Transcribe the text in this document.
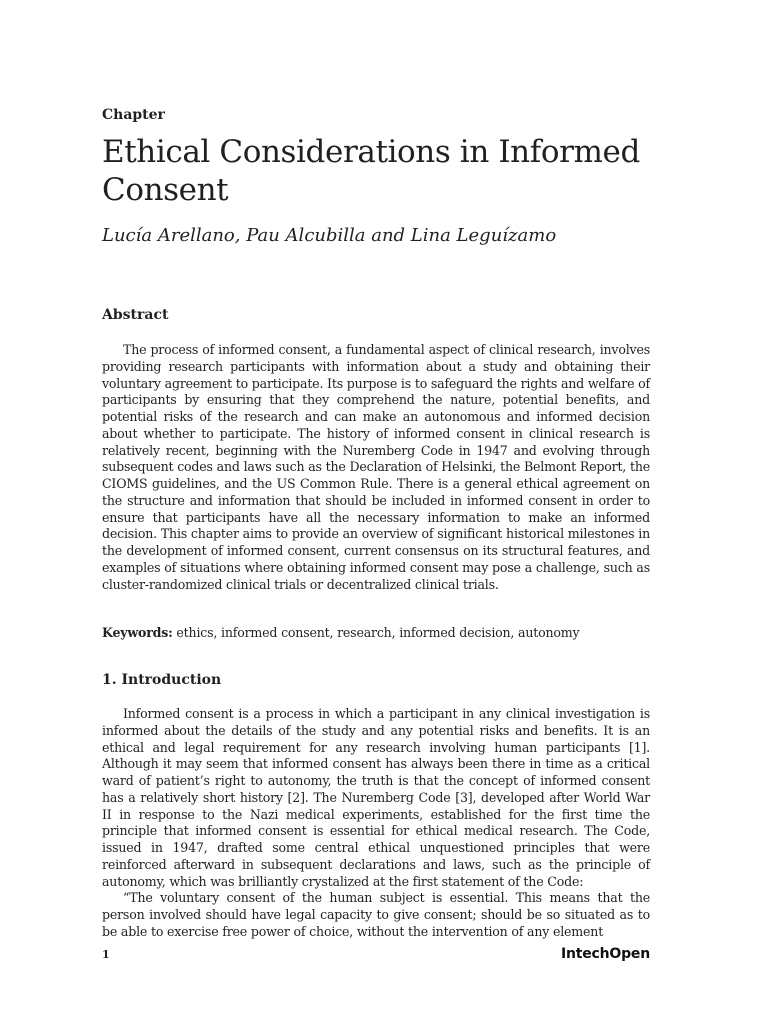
Chapter

Ethical Considerations in Informed Consent

Lucía Arellano, Pau Alcubilla and Lina Leguízamo

Abstract

The process of informed consent, a fundamental aspect of clinical research, involves providing research participants with information about a study and obtaining their voluntary agreement to participate. Its purpose is to safeguard the rights and welfare of participants by ensuring that they comprehend the nature, potential benefits, and potential risks of the research and can make an autonomous and informed decision about whether to participate. The history of informed consent in clinical research is relatively recent, beginning with the Nuremberg Code in 1947 and evolving through subsequent codes and laws such as the Declaration of Helsinki, the Belmont Report, the CIOMS guidelines, and the US Common Rule. There is a general ethical agreement on the structure and information that should be included in informed consent in order to ensure that participants have all the necessary information to make an informed decision. This chapter aims to provide an overview of significant historical milestones in the development of informed consent, current consensus on its structural features, and examples of situations where obtaining informed consent may pose a challenge, such as cluster-randomized clinical trials or decentralized clinical trials.

Keywords: ethics, informed consent, research, informed decision, autonomy

1. Introduction

Informed consent is a process in which a participant in any clinical investigation is informed about the details of the study and any potential risks and benefits. It is an ethical and legal requirement for any research involving human participants [1]. Although it may seem that informed consent has always been there in time as a critical ward of patient’s right to autonomy, the truth is that the concept of informed consent has a relatively short history [2]. The Nuremberg Code [3], developed after World War II in response to the Nazi medical experiments, established for the first time the principle that informed consent is essential for ethical medical research. The Code, issued in 1947, drafted some central ethical unquestioned principles that were reinforced afterward in subsequent declarations and laws, such as the principle of autonomy, which was brilliantly crystalized at the first statement of the Code:

“The voluntary consent of the human subject is essential. This means that the person involved should have legal capacity to give consent; should be so situated as to be able to exercise free power of choice, without the intervention of any element

1	IntechOpen
